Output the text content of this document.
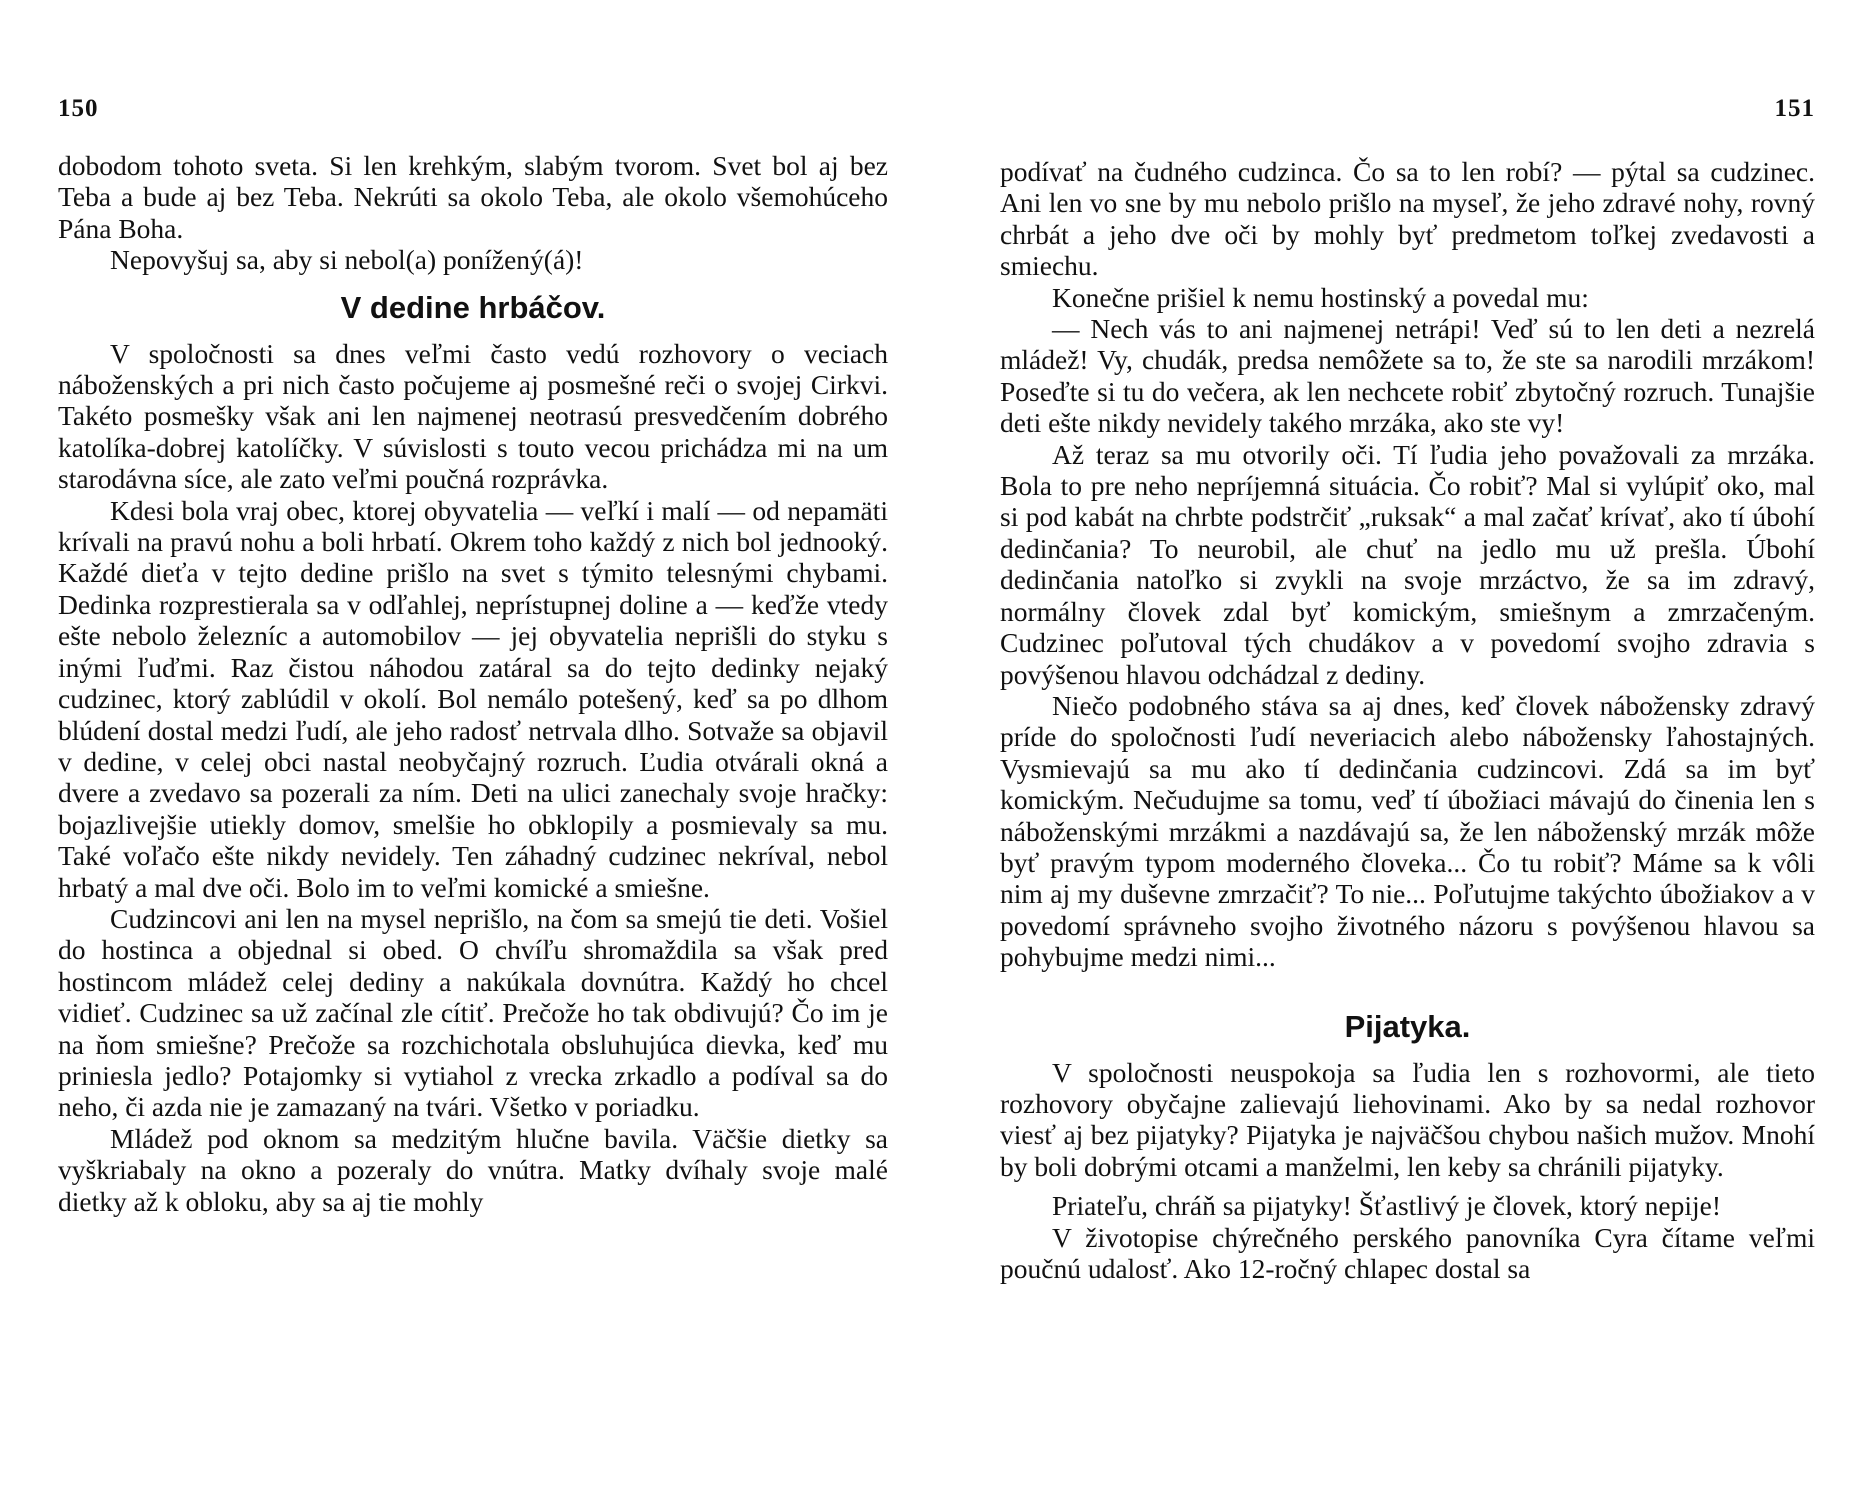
150

dobodom tohoto sveta. Si len krehkým, slabým tvorom. Svet bol aj bez Teba a bude aj bez Teba. Nekrúti sa okolo Teba, ale okolo všemohúceho Pána Boha.

Nepovyšuj sa, aby si nebol(a) ponížený(á)!

V dedine hrbáčov.

V spoločnosti sa dnes veľmi často vedú rozhovory o veciach náboženských a pri nich často počujeme aj posmešné reči o svojej Cirkvi. Takéto posmešky však ani len najmenej neotrasú presvedčením dobrého katolíka-dobrej katolíčky. V súvislosti s touto vecou prichádza mi na um starodávna síce, ale zato veľmi poučná rozprávka.

Kdesi bola vraj obec, ktorej obyvatelia — veľkí i malí — od nepamäti krívali na pravú nohu a boli hrbatí. Okrem toho každý z nich bol jednooký. Každé dieťa v tejto dedine prišlo na svet s týmito telesnými chybami. Dedinka rozprestierala sa v odľahlej, neprístupnej doline a — keďže vtedy ešte nebolo železníc a automobilov — jej obyvatelia neprišli do styku s inými ľuďmi. Raz čistou náhodou zatáral sa do tejto dedinky nejaký cudzinec, ktorý zablúdil v okolí. Bol nemálo potešený, keď sa po dlhom blúdení dostal medzi ľudí, ale jeho radosť netrvala dlho. Sotvaže sa objavil v dedine, v celej obci nastal neobyčajný rozruch. Ľudia otvárali okná a dvere a zvedavo sa pozerali za ním. Deti na ulici zanechaly svoje hračky: bojazlivejšie utiekly domov, smelšie ho obklopily a posmievaly sa mu. Také voľačo ešte nikdy nevidely. Ten záhadný cudzinec nekríval, nebol hrbatý a mal dve oči. Bolo im to veľmi komické a smiešne.

Cudzincovi ani len na mysel neprišlo, na čom sa smejú tie deti. Vošiel do hostinca a objednal si obed. O chvíľu shromaždila sa však pred hostincom mládež celej dediny a nakúkala dovnútra. Každý ho chcel vidieť. Cudzinec sa už začínal zle cítiť. Prečože ho tak obdivujú? Čo im je na ňom smiešne? Prečože sa rozchichotala obsluhujúca dievka, keď mu priniesla jedlo? Potajomky si vytiahol z vrecka zrkadlo a podíval sa do neho, či azda nie je zamazaný na tvári. Všetko v poriadku.

Mládež pod oknom sa medzitým hlučne bavila. Väčšie dietky sa vyškriabaly na okno a pozeraly do vnútra. Matky dvíhaly svoje malé dietky až k obloku, aby sa aj tie mohly

151

podívať na čudného cudzinca. Čo sa to len robí? — pýtal sa cudzinec. Ani len vo sne by mu nebolo prišlo na myseľ, že jeho zdravé nohy, rovný chrbát a jeho dve oči by mohly byť predmetom toľkej zvedavosti a smiechu.

Konečne prišiel k nemu hostinský a povedal mu:

— Nech vás to ani najmenej netrápi! Veď sú to len deti a nezrelá mládež! Vy, chudák, predsa nemôžete sa to, že ste sa narodili mrzákom! Poseďte si tu do večera, ak len nechcete robiť zbytočný rozruch. Tunajšie deti ešte nikdy nevidely takého mrzáka, ako ste vy!

Až teraz sa mu otvorily oči. Tí ľudia jeho považovali za mrzáka. Bola to pre neho nepríjemná situácia. Čo robiť? Mal si vylúpiť oko, mal si pod kabát na chrbte podstrčiť „ruksak“ a mal začať krívať, ako tí úbohí dedinčania? To neurobil, ale chuť na jedlo mu už prešla. Úbohí dedinčania natoľko si zvykli na svoje mrzáctvo, že sa im zdravý, normálny človek zdal byť komickým, smiešnym a zmrzačeným. Cudzinec poľutoval tých chudákov a v povedomí svojho zdravia s povýšenou hlavou odchádzal z dediny.

Niečo podobného stáva sa aj dnes, keď človek nábožensky zdravý príde do spoločnosti ľudí neveriacich alebo nábožensky ľahostajných. Vysmievajú sa mu ako tí dedinčania cudzincovi. Zdá sa im byť komickým. Nečudujme sa tomu, veď tí úbožiaci mávajú do činenia len s náboženskými mrzákmi a nazdávajú sa, že len náboženský mrzák môže byť pravým typom moderného človeka... Čo tu robiť? Máme sa k vôli nim aj my duševne zmrzačiť? To nie... Poľutujme takýchto úbožiakov a v povedomí správneho svojho životného názoru s povýšenou hlavou sa pohybujme medzi nimi...

Pijatyka.

V spoločnosti neuspokoja sa ľudia len s rozhovormi, ale tieto rozhovory obyčajne zalievajú liehovinami. Ako by sa nedal rozhovor viesť aj bez pijatyky? Pijatyka je najväčšou chybou našich mužov. Mnohí by boli dobrými otcami a manželmi, len keby sa chránili pijatyky.

Priateľu, chráň sa pijatyky! Šťastlivý je človek, ktorý nepije!

V životopise chýrečného perského panovníka Cyra čítame veľmi poučnú udalosť. Ako 12-ročný chlapec dostal sa
